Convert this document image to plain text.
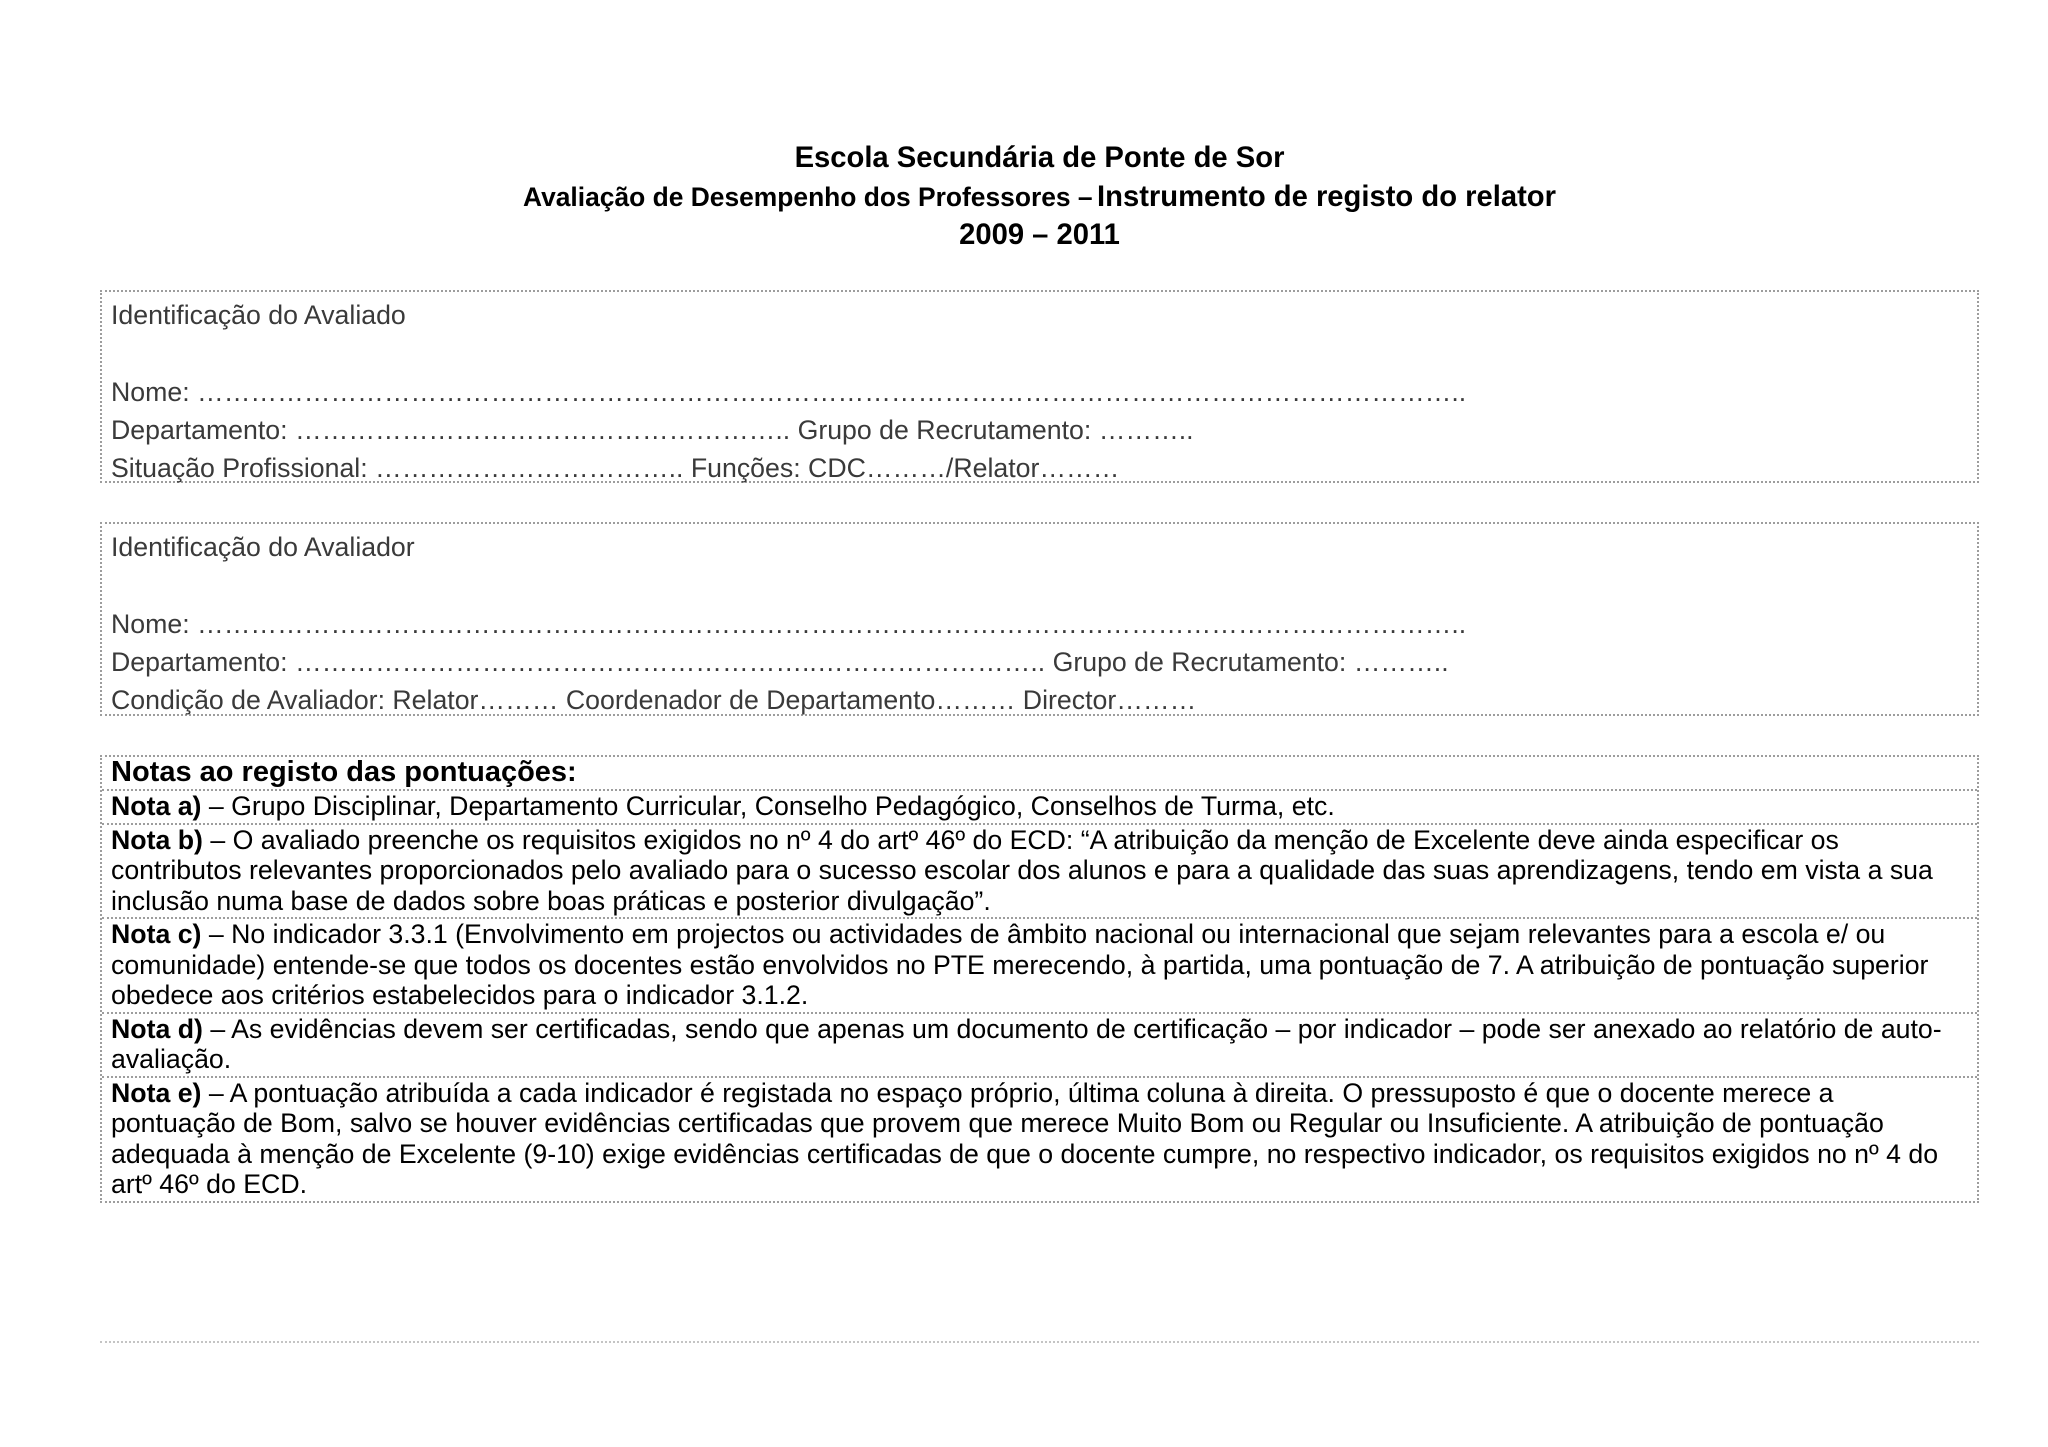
Escola Secundária de Ponte de Sor
Avaliação de Desempenho dos Professores – Instrumento de registo do relator
2009 – 2011
Identificação do Avaliado
Nome: ……………………………………………………………………………………………………………………………..
Departamento: ……………………………………………….. Grupo de Recrutamento: ………..
Situação Profissional: …………………………….. Funções: CDC………/Relator………
Identificação do Avaliador
Nome: ……………………………………………………………………………………………………………………………..
Departamento: …………………………………………………..…………………….. Grupo de Recrutamento: ………..
Condição de Avaliador: Relator……… Coordenador de Departamento……… Director………
Notas ao registo das pontuações:
Nota a) – Grupo Disciplinar, Departamento Curricular, Conselho Pedagógico, Conselhos de Turma, etc.
Nota b) – O avaliado preenche os requisitos exigidos no nº 4 do artº 46º do ECD: “A atribuição da menção de Excelente deve ainda especificar os
contributos relevantes proporcionados pelo avaliado para o sucesso escolar dos alunos e para a qualidade das suas aprendizagens, tendo em vista a sua
inclusão numa base de dados sobre boas práticas e posterior divulgação”.
Nota c) – No indicador 3.3.1 (Envolvimento em projectos ou actividades de âmbito nacional ou internacional que sejam relevantes para a escola e/ ou
comunidade) entende-se que todos os docentes estão envolvidos no PTE merecendo, à partida, uma pontuação de 7. A atribuição de pontuação superior
obedece aos critérios estabelecidos para o indicador 3.1.2.
Nota d) – As evidências devem ser certificadas, sendo que apenas um documento de certificação – por indicador – pode ser anexado ao relatório de auto-
avaliação.
Nota e) – A pontuação atribuída a cada indicador é registada no espaço próprio, última coluna à direita. O pressuposto é que o docente merece a
pontuação de Bom, salvo se houver evidências certificadas que provem que merece Muito Bom ou Regular ou Insuficiente. A atribuição de pontuação
adequada à menção de Excelente (9-10) exige evidências certificadas de que o docente cumpre, no respectivo indicador, os requisitos exigidos no nº 4 do
artº 46º do ECD.
